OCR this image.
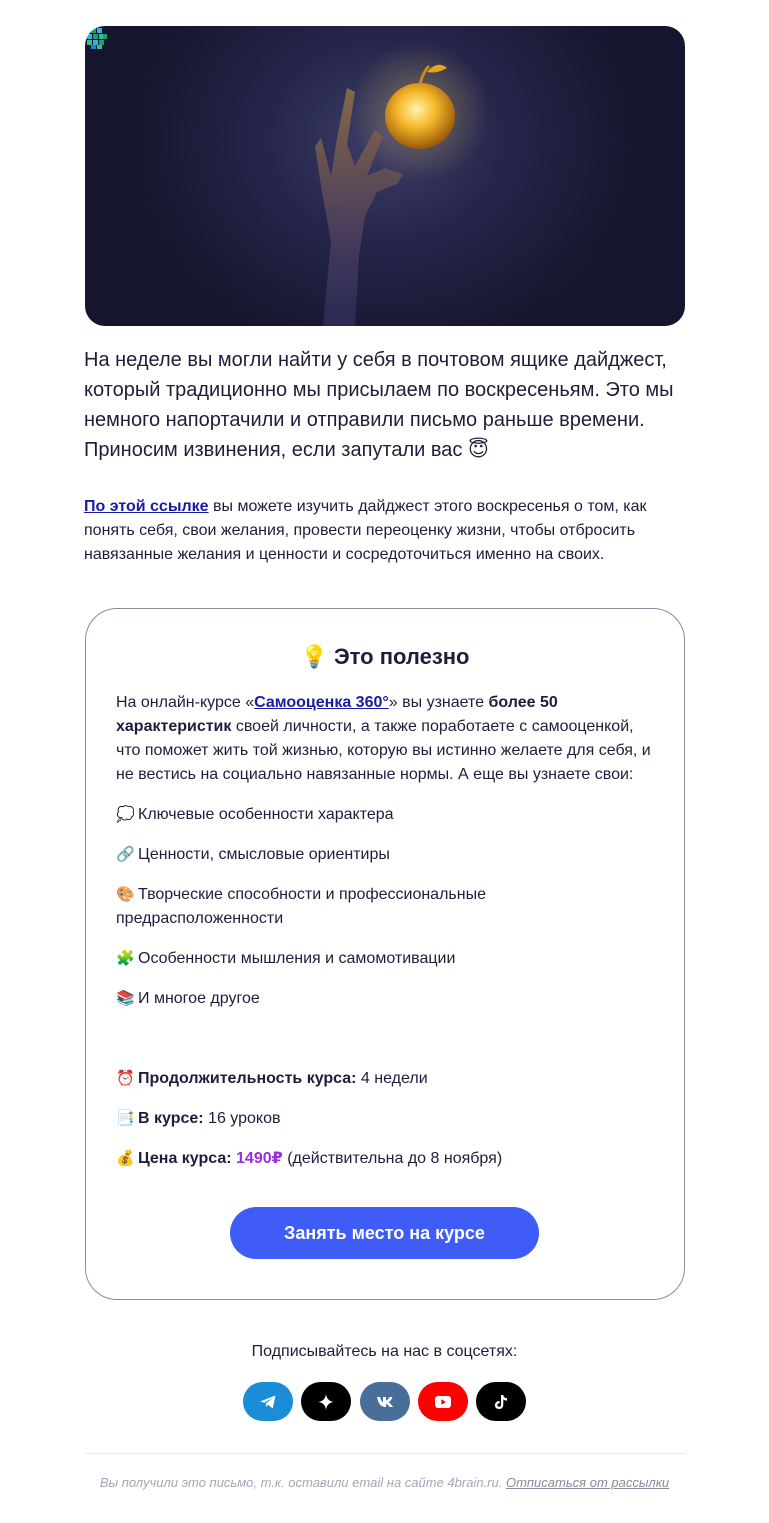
На неделе вы могли найти у себя в почтовом ящике дайджест, который традиционно мы присылаем по воскресеньям. Это мы немного напортачили и отправили письмо раньше времени. Приносим извинения, если запутали вас 😇
По этой ссылке вы можете изучить дайджест этого воскресенья о том, как понять себя, свои желания, провести переоценку жизни, чтобы отбросить навязанные желания и ценности и сосредоточиться именно на своих.
💡 Это полезно
На онлайн-курсе «Самооценка 360°» вы узнаете более 50 характеристик своей личности, а также поработаете с самооценкой, что поможет жить той жизнью, которую вы истинно желаете для себя, и не вестись на социально навязанные нормы. А еще вы узнаете свои:
💭 Ключевые особенности характера
🔗 Ценности, смысловые ориентиры
🎨 Творческие способности и профессиональные предрасположенности
🧩 Особенности мышления и самомотивации
📚 И многое другое
⏰ Продолжительность курса: 4 недели
📑 В курсе: 16 уроков
💰 Цена курса: 1490₽ (действительна до 8 ноября)
Занять место на курсе
Подписывайтесь на нас в соцсетях:
Вы получили это письмо, т.к. оставили email на сайте 4brain.ru. Отписаться от рассылки
